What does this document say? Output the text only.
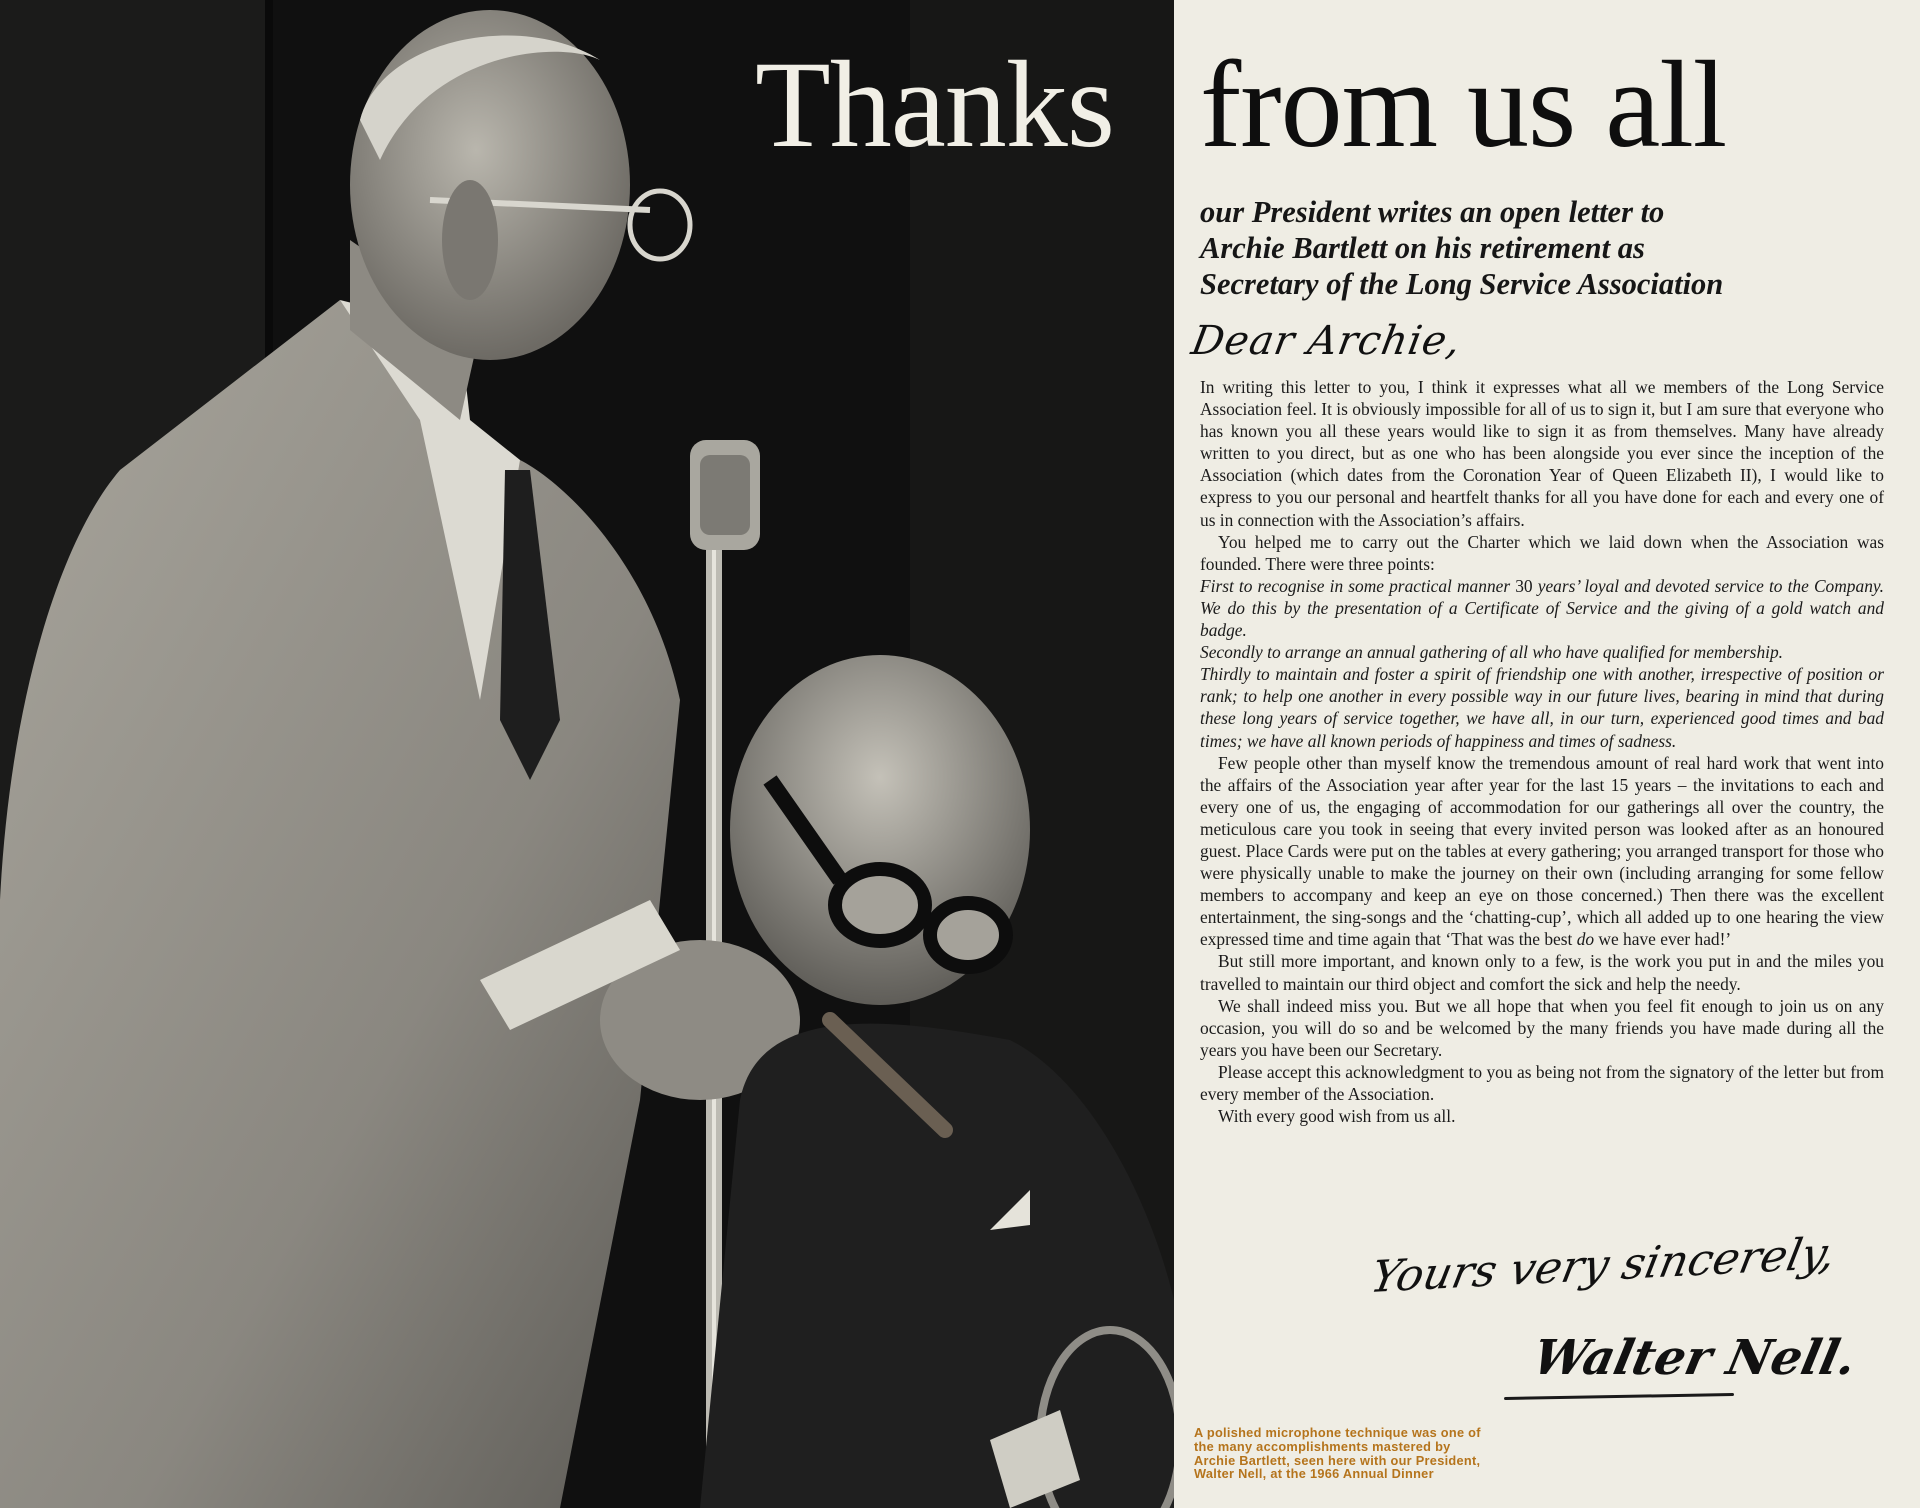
Thanks from us all
our President writes an open letter to
Archie Bartlett on his retirement as
Secretary of the Long Service Association
Dear Archie,

In writing this letter to you, I think it expresses what all we members of the Long Service Association feel. It is obviously impossible for all of us to sign it, but I am sure that everyone who has known you all these years would like to sign it as from themselves. Many have already written to you direct, but as one who has been alongside you ever since the inception of the Association (which dates from the Coronation Year of Queen Elizabeth II), I would like to express to you our personal and heartfelt thanks for all you have done for each and every one of us in connection with the Association’s affairs.

You helped me to carry out the Charter which we laid down when the Association was founded. There were three points:

First to recognise in some practical manner 30 years’ loyal and devoted service to the Company. We do this by the presentation of a Certificate of Service and the giving of a gold watch and badge.

Secondly to arrange an annual gathering of all who have qualified for membership.

Thirdly to maintain and foster a spirit of friendship one with another, irrespective of position or rank; to help one another in every possible way in our future lives, bearing in mind that during these long years of service together, we have all, in our turn, experienced good times and bad times; we have all known periods of happiness and times of sadness.

Few people other than myself know the tremendous amount of real hard work that went into the affairs of the Association year after year for the last 15 years – the invitations to each and every one of us, the engaging of accommodation for our gatherings all over the country, the meticulous care you took in seeing that every invited person was looked after as an honoured guest. Place Cards were put on the tables at every gathering; you arranged transport for those who were physically unable to make the journey on their own (including arranging for some fellow members to accompany and keep an eye on those concerned.) Then there was the excellent entertainment, the sing-songs and the ‘chatting-cup’, which all added up to one hearing the view expressed time and time again that ‘That was the best do we have ever had!’

But still more important, and known only to a few, is the work you put in and the miles you travelled to maintain our third object and comfort the sick and help the needy.

We shall indeed miss you. But we all hope that when you feel fit enough to join us on any occasion, you will do so and be welcomed by the many friends you have made during all the years you have been our Secretary.

Please accept this acknowledgment to you as being not from the signatory of the letter but from every member of the Association.

With every good wish from us all.

Yours very sincerely,
Walter Nell.
A polished microphone technique was one of
the many accomplishments mastered by
Archie Bartlett, seen here with our President,
Walter Nell, at the 1966 Annual Dinner
